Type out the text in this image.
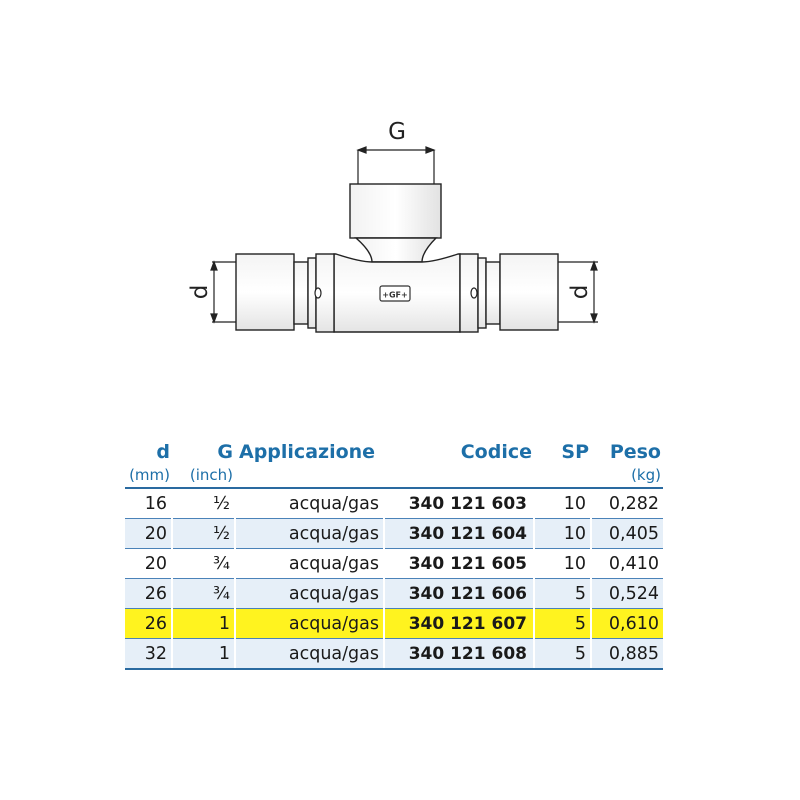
+GF+
G
d	d
d	G	Applicazione	Codice	SP	Peso
(mm)	(inch)				(kg)
16	½	acqua/gas	340 121 603	10	0,282
20	½	acqua/gas	340 121 604	10	0,405
20	¾	acqua/gas	340 121 605	10	0,410
26	¾	acqua/gas	340 121 606	5	0,524
26	1	acqua/gas	340 121 607	5	0,610
32	1	acqua/gas	340 121 608	5	0,885
